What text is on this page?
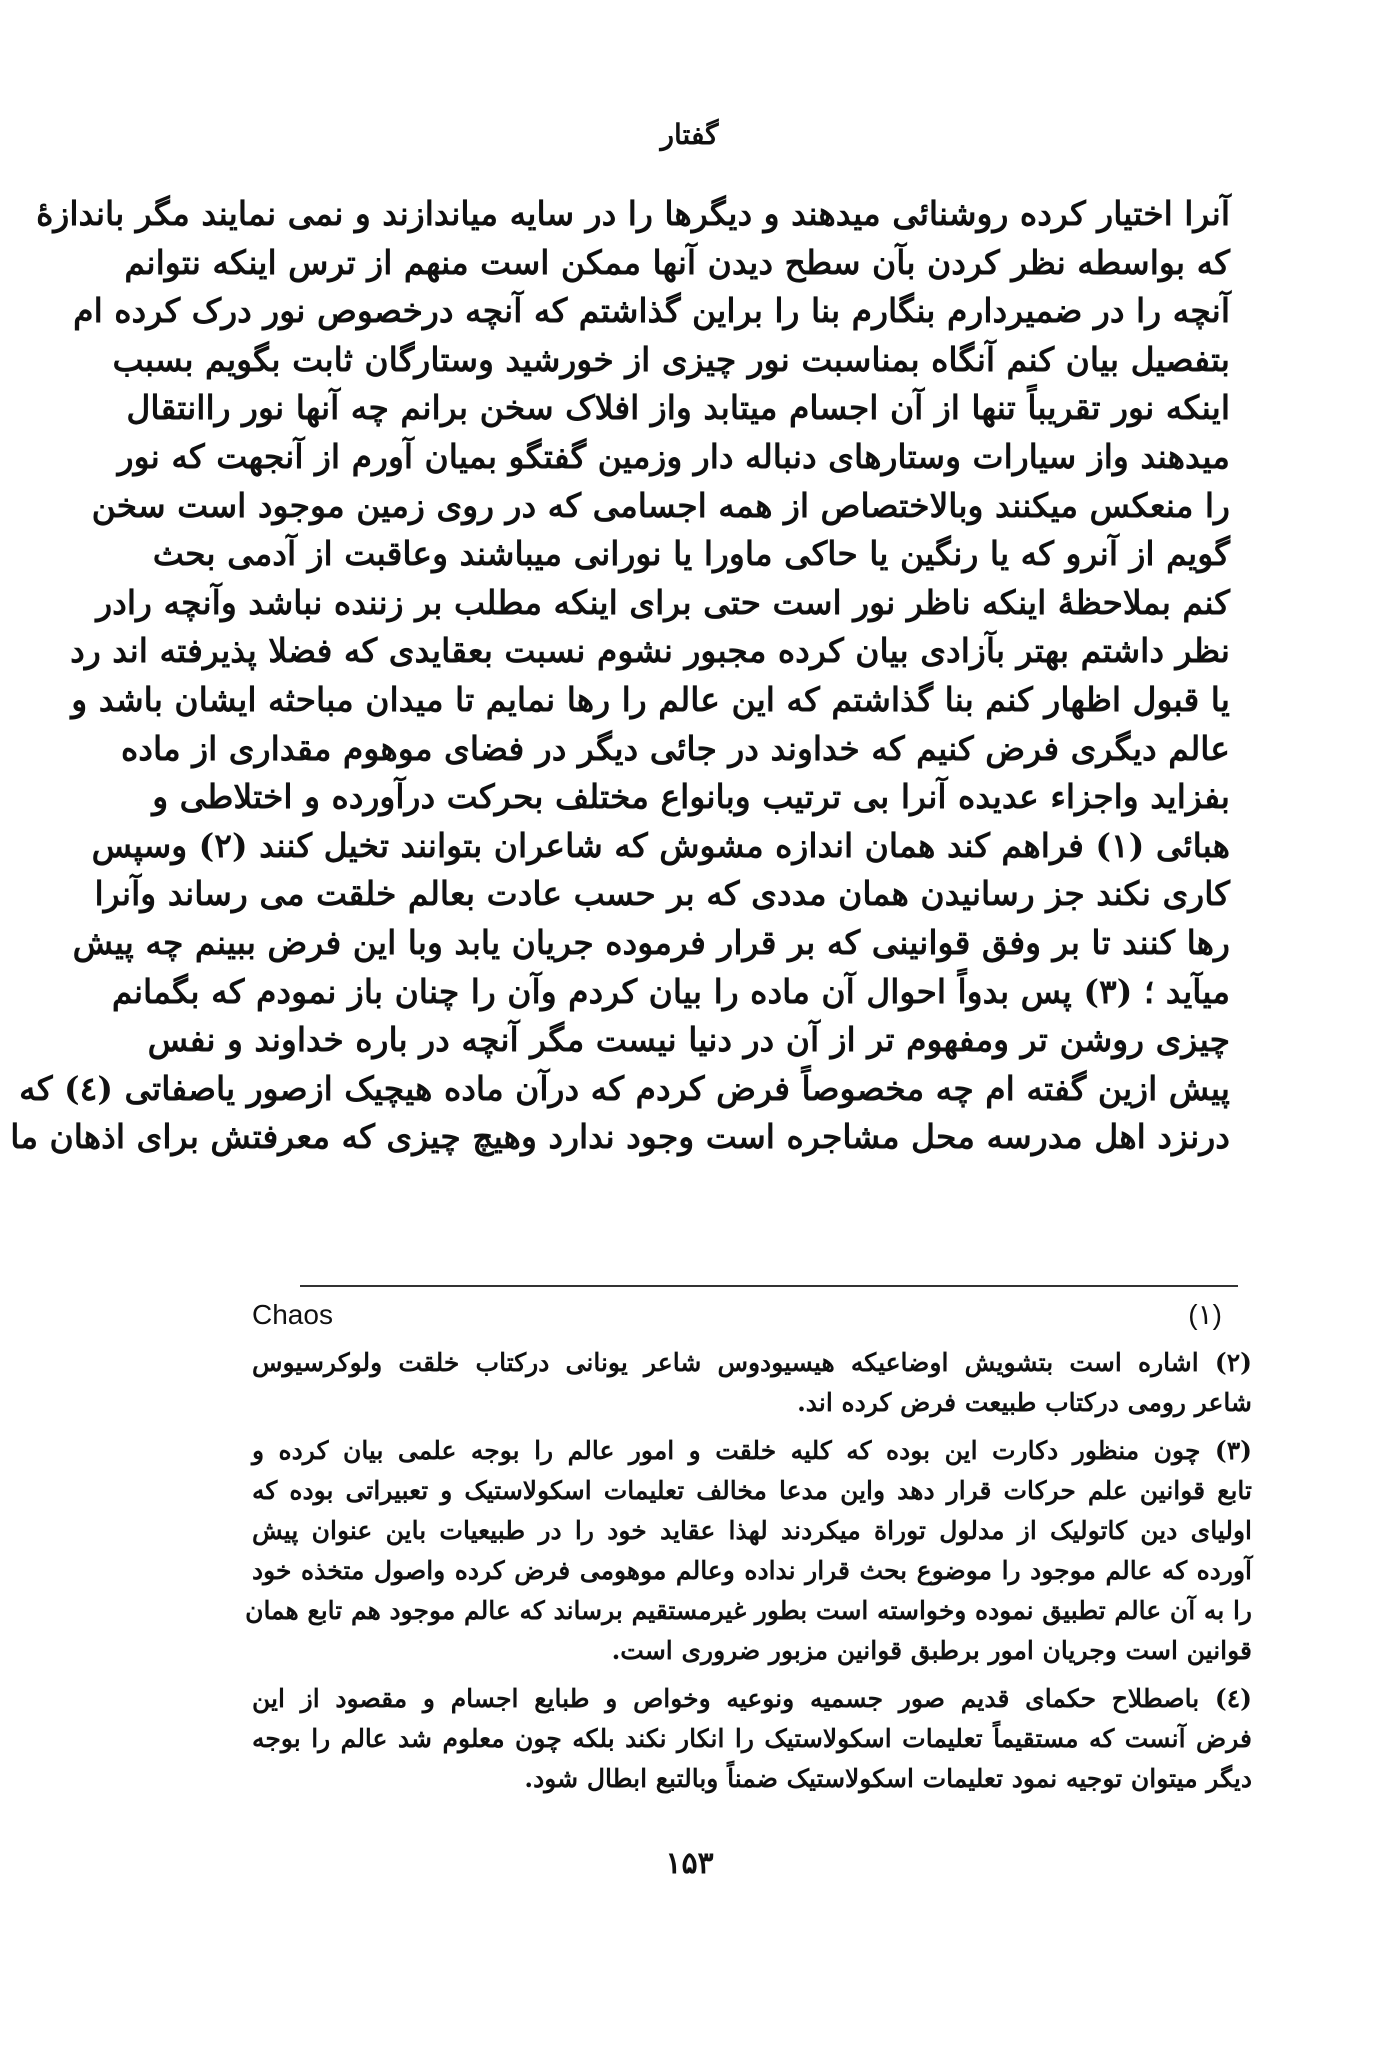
گفتار
آنرا اختیار کرده روشنائی میدهند و دیگرها را در سایه میاندازند و نمی نمایند مگر باندازهٔ
که بواسطه نظر کردن بآن سطح دیدن آنها ممکن است منهم از ترس اینکه نتوانم
آنچه را در ضمیردارم بنگارم بنا را براین گذاشتم که آنچه درخصوص نور درک کرده ام
بتفصیل بیان کنم آنگاه بمناسبت نور چیزی از خورشید وستارگان ثابت بگویم بسبب
اینکه نور تقریباً تنها از آن اجسام میتابد واز افلاک سخن برانم چه آنها نور راانتقال
میدهند واز سیارات وستارهای دنباله دار وزمین گفتگو بمیان آورم از آنجهت که نور
را منعکس میکنند وبالاختصاص از همه اجسامی که در روی زمین موجود است سخن
گویم از آنرو که یا رنگین یا حاکی ماورا یا نورانی میباشند وعاقبت از آدمی بحث
کنم بملاحظهٔ اینکه ناظر نور است حتی برای اینکه مطلب بر زننده نباشد وآنچه رادر
نظر داشتم بهتر بآزادی بیان کرده مجبور نشوم نسبت بعقایدی که فضلا پذیرفته اند رد
یا قبول اظهار کنم بنا گذاشتم که این عالم را رها نمایم تا میدان مباحثه ایشان باشد و
عالم دیگری فرض کنیم که خداوند در جائی دیگر در فضای موهوم مقداری از ماده
بفزاید واجزاء عدیده آنرا بی ترتیب وبانواع مختلف بحرکت درآورده و اختلاطی و
هبائی (۱) فراهم کند همان اندازه مشوش که شاعران بتوانند تخیل کنند (۲) وسپس
کاری نکند جز رسانیدن همان مددی که بر حسب عادت بعالم خلقت می رساند وآنرا
رها کنند تا بر وفق قوانینی که بر قرار فرموده جریان یابد وبا این فرض ببینم چه پیش
میآید ؛ (۳) پس بدواً احوال آن ماده را بیان کردم وآن را چنان باز نمودم که بگمانم
چیزی روشن تر ومفهوم تر از آن در دنیا نیست مگر آنچه در باره خداوند و نفس
پیش ازین گفته ام چه مخصوصاً فرض کردم که درآن ماده هیچیک ازصور یاصفاتی (٤) که
درنزد اهل مدرسه محل مشاجره است وجود ندارد وهیچ چیزی که معرفتش برای اذهان ما
Chaos (۱)
(۲) اشاره است بتشویش اوضاعیکه هیسیودوس شاعر یونانی درکتاب خلقت ولوکرسیوس
شاعر رومی درکتاب طبیعت فرض کرده اند.
(۳) چون منظور دکارت این بوده که کلیه خلقت و امور عالم را بوجه علمی بیان کرده و
تابع قوانین علم حرکات قرار دهد واین مدعا مخالف تعلیمات اسکولاستیک و تعبیراتی بوده که
اولیای دین کاتولیک از مدلول توراة میکردند لهذا عقاید خود را در طبیعیات باین عنوان پیش
آورده که عالم موجود را موضوع بحث قرار نداده وعالم موهومی فرض کرده واصول متخذه خود
را به آن عالم تطبیق نموده وخواسته است بطور غیرمستقیم برساند که عالم موجود هم تابع همان
قوانین است وجریان امور برطبق قوانین مزبور ضروری است.
(٤) باصطلاح حکمای قدیم صور جسمیه ونوعیه وخواص و طبایع اجسام و مقصود از این
فرض آنست که مستقیماً تعلیمات اسکولاستیک را انکار نکند بلکه چون معلوم شد عالم را بوجه
دیگر میتوان توجیه نمود تعلیمات اسکولاستیک ضمناً وبالتبع ابطال شود.
۱۵۳
